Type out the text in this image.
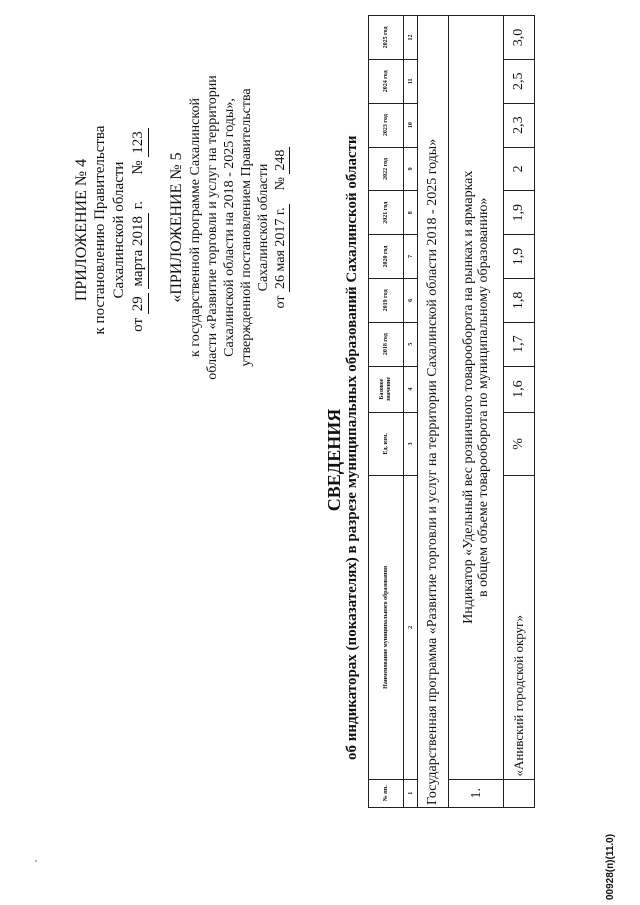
ПРИЛОЖЕНИЕ № 4 к постановлению Правительства Сахалинской области
от 29 марта 2018 г.       № 123
«ПРИЛОЖЕНИЕ № 5 к государственной программе Сахалинской области «Развитие торговли и услуг на территории Сахалинской области на 2018 - 2025 годы», утвержденной постановлением Правительства Сахалинской области
от 26 мая 2017 г.    № 248
СВЕДЕНИЯ об индикаторах (показателях) в разрезе муниципальных образований Сахалинской области
№ пп.	Наименование муниципального образования	Ед. изм.	Базовое значение	2018 год	2019 год	2020 год	2021 год	2022 год	2023 год	2024 год	2025 год
1	2	3	4	5	6	7	8	9	10	11	12
Государственная программа «Развитие торговли и услуг на территории Сахалинской области 2018 - 2025 годы»											
1.	Индикатор «Удельный вес розничного товарооборота на рынках и ярмарках в общем объеме товарооборота по муниципальному образованию»										

	«Анивский городской округ»	%	1,6	1,7	1,8	1,9	1,9	2	2,3	2,5	3,0
00928(п)(11.0)
